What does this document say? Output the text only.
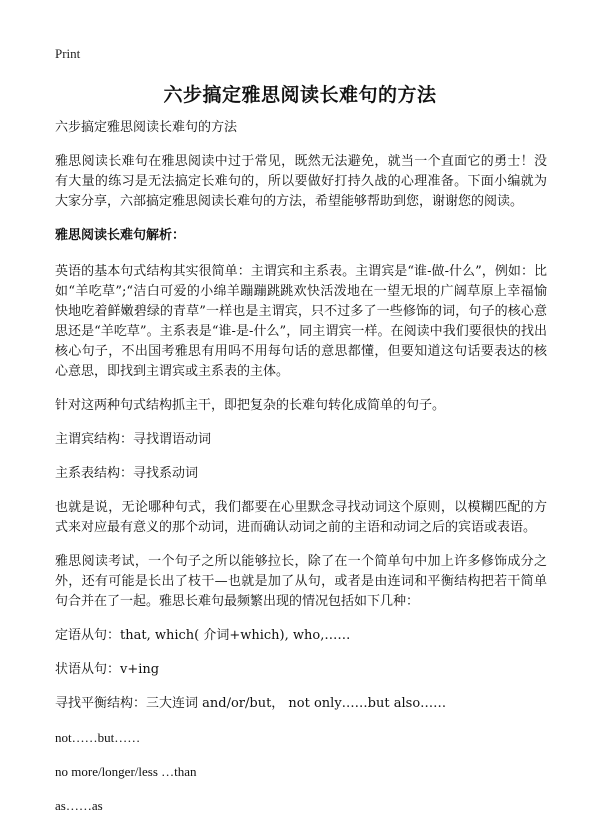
Print
六步搞定雅思阅读长难句的方法

六步搞定雅思阅读长难句的方法

雅思阅读长难句在雅思阅读中过于常见，既然无法避免，就当一个直面它的勇士！没有大量的练习是无法搞定长难句的，所以要做好打持久战的心理准备。下面小编就为大家分享，六部搞定雅思阅读长难句的方法，希望能够帮助到您，谢谢您的阅读。

雅思阅读长难句解析：

英语的基本句式结构其实很简单：主谓宾和主系表。主谓宾是“谁-做-什么”，例如：比如“羊吃草”;“洁白可爱的小绵羊蹦蹦跳跳欢快活泼地在一望无垠的广阔草原上幸福愉快地吃着鲜嫩碧绿的青草”一样也是主谓宾，只不过多了一些修饰的词，句子的核心意思还是“羊吃草”。主系表是“谁-是-什么”，同主谓宾一样。在阅读中我们要很快的找出核心句子，不出国考雅思有用吗不用每句话的意思都懂，但要知道这句话要表达的核心意思，即找到主谓宾或主系表的主体。

针对这两种句式结构抓主干，即把复杂的长难句转化成简单的句子。

主谓宾结构：寻找谓语动词

主系表结构：寻找系动词

也就是说，无论哪种句式，我们都要在心里默念寻找动词这个原则，以模糊匹配的方式来对应最有意义的那个动词，进而确认动词之前的主语和动词之后的宾语或表语。

雅思阅读考试，一个句子之所以能够拉长，除了在一个简单句中加上许多修饰成分之外，还有可能是长出了枝干—也就是加了从句，或者是由连词和平衡结构把若干简单句合并在了一起。雅思长难句最频繁出现的情况包括如下几种：

定语从句：that, which( 介词+which), who,……

状语从句：v+ing

寻找平衡结构：三大连词 and/or/but， not only……but also……

not……but……

no more/longer/less …than

as……as
